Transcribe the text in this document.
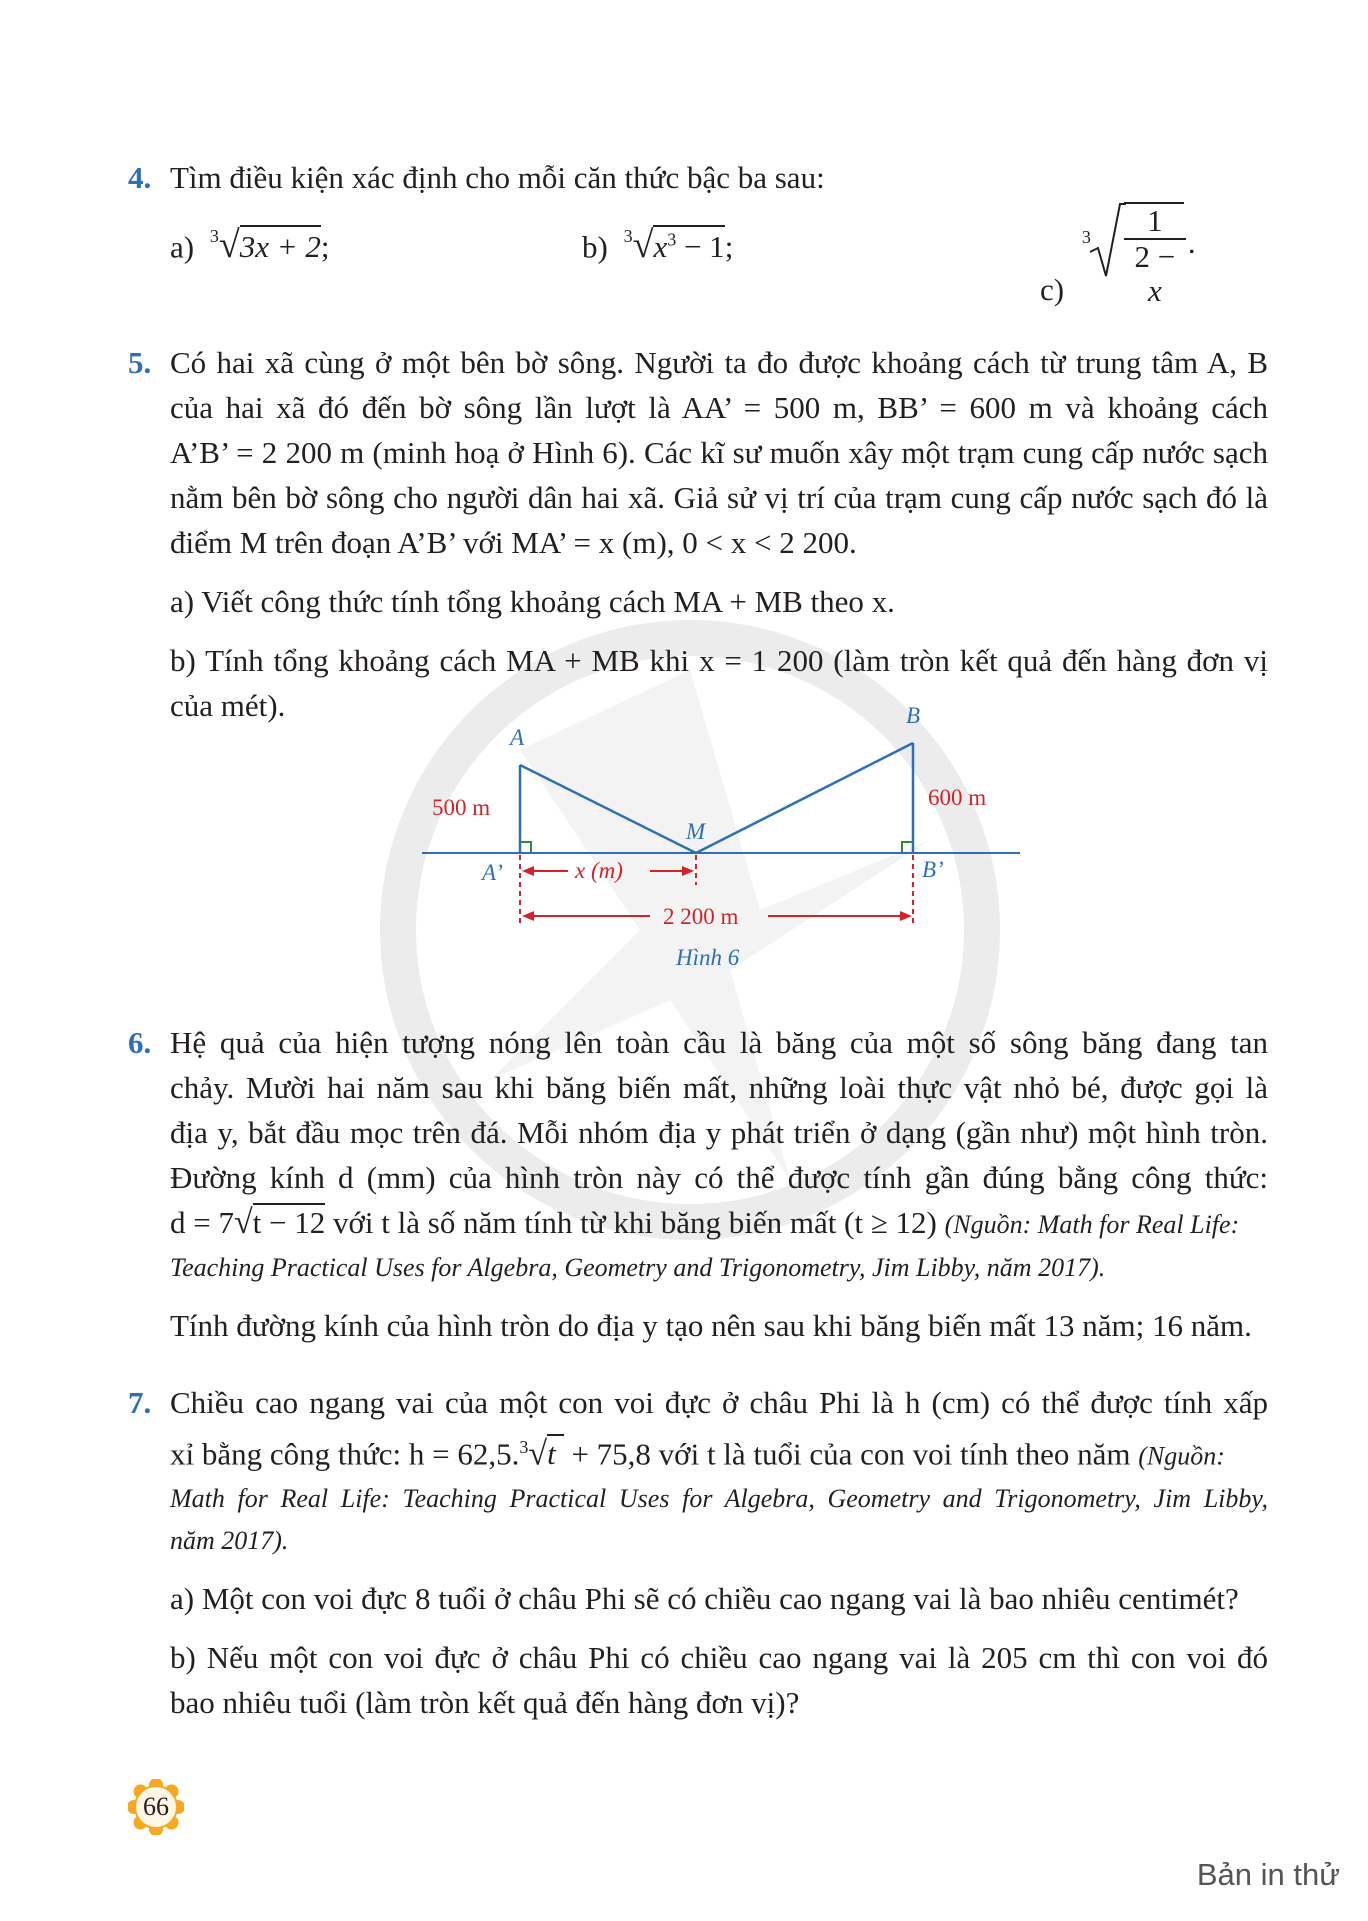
4. Tìm điều kiện xác định cho mỗi căn thức bậc ba sau:

a) $^3$√3x + 2;	b) $^3√x^3 - 1$;
c)
3 1
2 −
x .
5. Có hai xã cùng ở một bên bờ sông. Người ta đo được khoảng cách từ trung tâm A, B

của hai xã đó đến bờ sông lần lượt là AA’ = 500 m, BB’ = 600 m và khoảng cách

A’B’ = 2 200 m (minh hoạ ở Hình 6). Các kĩ sư muốn xây một trạm cung cấp nước sạch

nằm bên bờ sông cho người dân hai xã. Giả sử vị trí của trạm cung cấp nước sạch đó là

điểm M trên đoạn A’B’ với MA’ = x (m), 0 < x < 2 200.

a) Viết công thức tính tổng khoảng cách MA + MB theo x.

b) Tính tổng khoảng cách MA + MB khi x = 1 200 (làm tròn kết quả đến hàng đơn vị

của mét).

A
B
M
A’	B’
500 m	600 m
x (m)
2 200 m
Hình 6
6. Hệ quả của hiện tượng nóng lên toàn cầu là băng của một số sông băng đang tan

chảy. Mười hai năm sau khi băng biến mất, những loài thực vật nhỏ bé, được gọi là

địa y, bắt đầu mọc trên đá. Mỗi nhóm địa y phát triển ở dạng (gần như) một hình tròn.

Đường kính d (mm) của hình tròn này có thể được tính gần đúng bằng công thức:

d = 7√t − 12 với t là số năm tính từ khi băng biến mất (t ≥ 12) (Nguồn: Math for Real Life:

Teaching Practical Uses for Algebra, Geometry and Trigonometry, Jim Libby, năm 2017).

Tính đường kính của hình tròn do địa y tạo nên sau khi băng biến mất 13 năm; 16 năm.

7. Chiều cao ngang vai của một con voi đực ở châu Phi là h (cm) có thể được tính xấp

xỉ bằng công thức: h = 62,5.$^3$√t + 75,8 với t là tuổi của con voi tính theo năm (Nguồn:

Math for Real Life: Teaching Practical Uses for Algebra, Geometry and Trigonometry, Jim Libby,

năm 2017).

a) Một con voi đực 8 tuổi ở châu Phi sẽ có chiều cao ngang vai là bao nhiêu centimét?

b) Nếu một con voi đực ở châu Phi có chiều cao ngang vai là 205 cm thì con voi đó

bao nhiêu tuổi (làm tròn kết quả đến hàng đơn vị)?

66
Bản in thử
